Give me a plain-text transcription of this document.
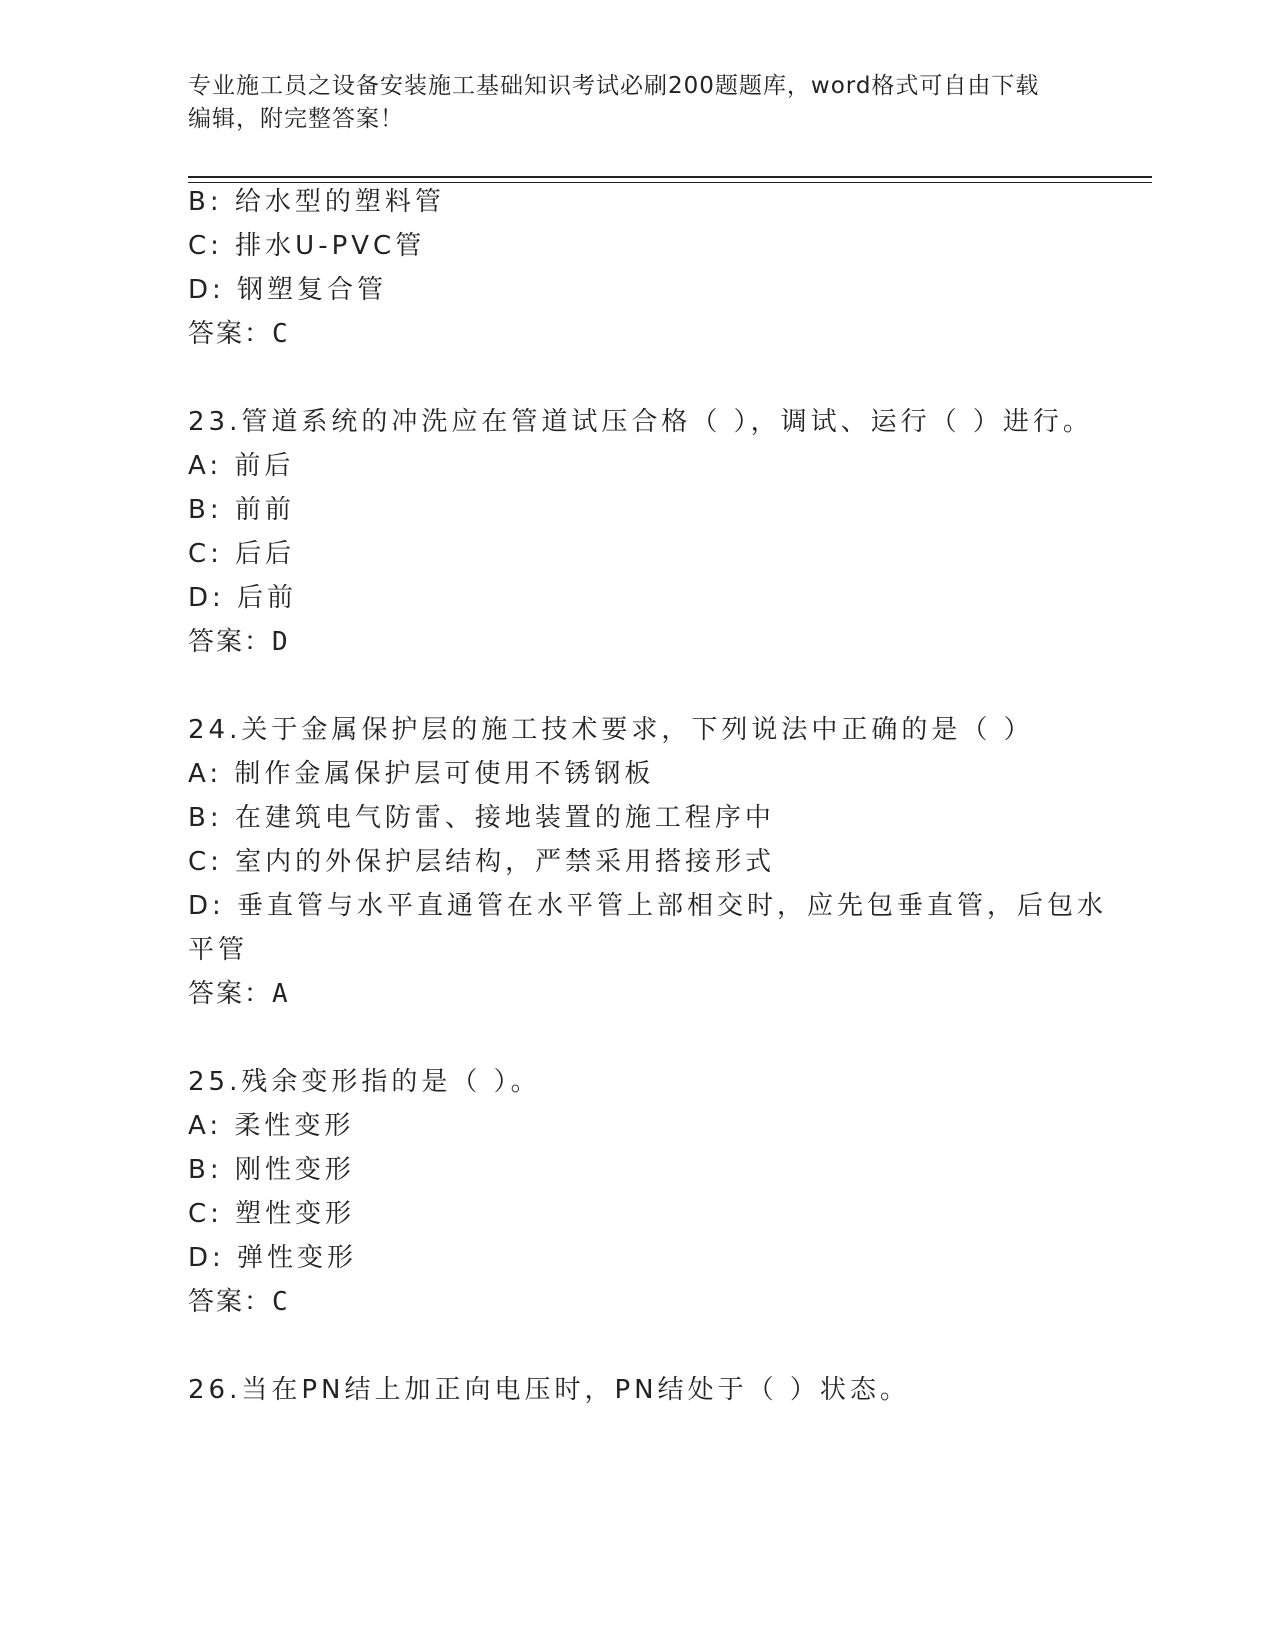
专业施工员之设备安装施工基础知识考试必刷200题题库，word格式可自由下载
编辑，附完整答案！
B: 给水型的塑料管
C: 排水U-PVC管
D: 钢塑复合管
答案：C
23.管道系统的冲洗应在管道试压合格（ ），调试、运行（ ）进行。
A: 前后
B: 前前
C: 后后
D: 后前
答案：D
24.关于金属保护层的施工技术要求，下列说法中正确的是（ ）
A: 制作金属保护层可使用不锈钢板
B: 在建筑电气防雷、接地装置的施工程序中
C: 室内的外保护层结构，严禁采用搭接形式
D: 垂直管与水平直通管在水平管上部相交时，应先包垂直管，后包水
平管
答案：A
25.残余变形指的是（ ）。
A: 柔性变形
B: 刚性变形
C: 塑性变形
D: 弹性变形
答案：C
26.当在PN结上加正向电压时，PN结处于（ ）状态。
